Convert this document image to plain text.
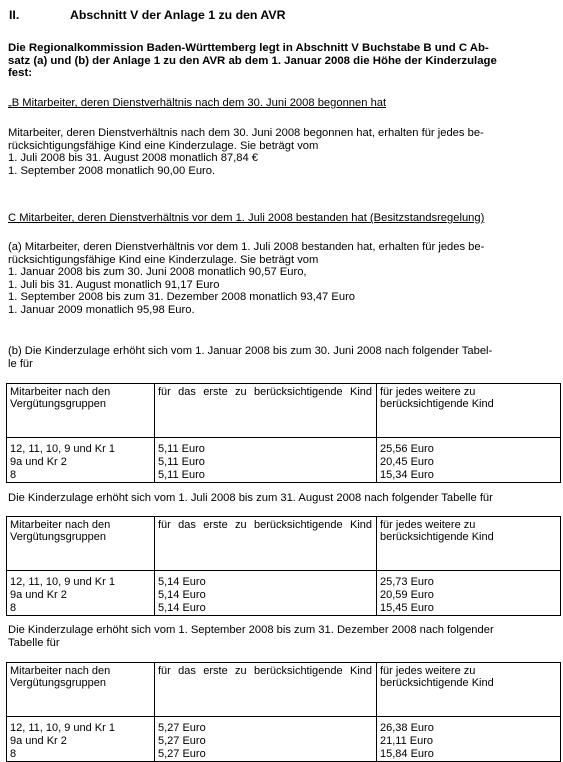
II.	Abschnitt V der Anlage 1 zu den AVR
Die Regionalkommission Baden-Württemberg legt in Abschnitt V Buchstabe B und C Ab-
satz (a) und (b) der Anlage 1 zu den AVR ab dem 1. Januar 2008 die Höhe der Kinderzulage
fest:
„B Mitarbeiter, deren Dienstverhältnis nach dem 30. Juni 2008 begonnen hat
Mitarbeiter, deren Dienstverhältnis nach dem 30. Juni 2008 begonnen hat, erhalten für jedes be-
rücksichtigungsfähige Kind eine Kinderzulage. Sie beträgt vom
1. Juli 2008 bis 31. August 2008 monatlich 87,84 €
1. September 2008 monatlich 90,00 Euro.
C Mitarbeiter, deren Dienstverhältnis vor dem 1. Juli 2008 bestanden hat (Besitzstandsregelung)
(a) Mitarbeiter, deren Dienstverhältnis vor dem 1. Juli 2008 bestanden hat, erhalten für jedes be-
rücksichtigungsfähige Kind eine Kinderzulage. Sie beträgt vom
1. Januar 2008 bis zum 30. Juni 2008 monatlich 90,57 Euro,
1. Juli bis 31. August monatlich 91,17 Euro
1. September 2008 bis zum 31. Dezember 2008 monatlich 93,47 Euro
1. Januar 2009 monatlich 95,98 Euro.
(b) Die Kinderzulage erhöht sich vom 1. Januar 2008 bis zum 30. Juni 2008 nach folgender Tabel-
le für
Mitarbeiter nach den Vergütungsgruppen	für das erste zu berücksichtigende Kind	für jedes weitere zu berücksichtigende Kind

12, 11, 10, 9 und Kr 1	5,11 Euro	25,56 Euro
9a und Kr 2	5,11 Euro	20,45 Euro
8	5,11 Euro	15,34 Euro
Die Kinderzulage erhöht sich vom 1. Juli 2008 bis zum 31. August 2008 nach folgender Tabelle für
Mitarbeiter nach den Vergütungsgruppen	für das erste zu berücksichtigende Kind	für jedes weitere zu berücksichtigende Kind

12, 11, 10, 9 und Kr 1	5,14 Euro	25,73 Euro
9a und Kr 2	5,14 Euro	20,59 Euro
8	5,14 Euro	15,45 Euro
Die Kinderzulage erhöht sich vom 1. September 2008 bis zum 31. Dezember 2008 nach folgender
Tabelle für
Mitarbeiter nach den Vergütungsgruppen	für das erste zu berücksichtigende Kind	für jedes weitere zu berücksichtigende Kind

12, 11, 10, 9 und Kr 1	5,27 Euro	26,38 Euro
9a und Kr 2	5,27 Euro	21,11 Euro
8	5,27 Euro	15,84 Euro
